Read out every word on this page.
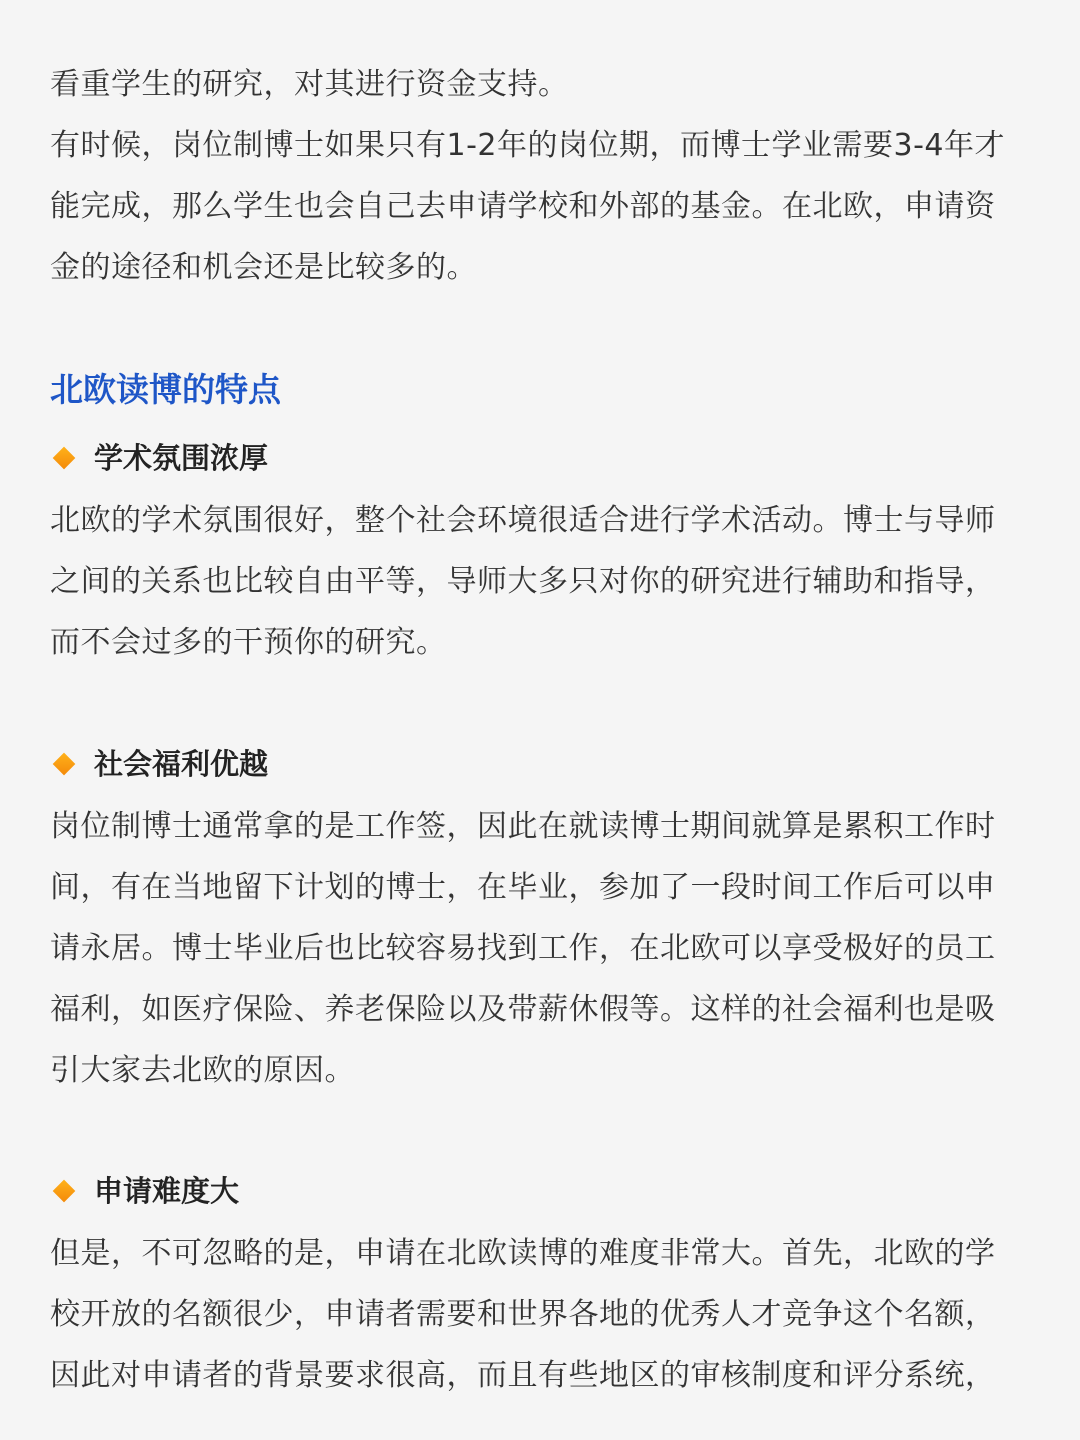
看重学生的研究，对其进行资金支持。
有时候，岗位制博士如果只有1-2年的岗位期，而博士学业需要3-4年才
能完成，那么学生也会自己去申请学校和外部的基金。在北欧，申请资
金的途径和机会还是比较多的。

北欧读博的特点
学术氛围浓厚

北欧的学术氛围很好，整个社会环境很适合进行学术活动。博士与导师
之间的关系也比较自由平等，导师大多只对你的研究进行辅助和指导，
而不会过多的干预你的研究。

社会福利优越

岗位制博士通常拿的是工作签，因此在就读博士期间就算是累积工作时
间，有在当地留下计划的博士，在毕业，参加了一段时间工作后可以申
请永居。博士毕业后也比较容易找到工作，在北欧可以享受极好的员工
福利，如医疗保险、养老保险以及带薪休假等。这样的社会福利也是吸
引大家去北欧的原因。

申请难度大

但是，不可忽略的是，申请在北欧读博的难度非常大。首先，北欧的学
校开放的名额很少，申请者需要和世界各地的优秀人才竞争这个名额，
因此对申请者的背景要求很高，而且有些地区的审核制度和评分系统，
